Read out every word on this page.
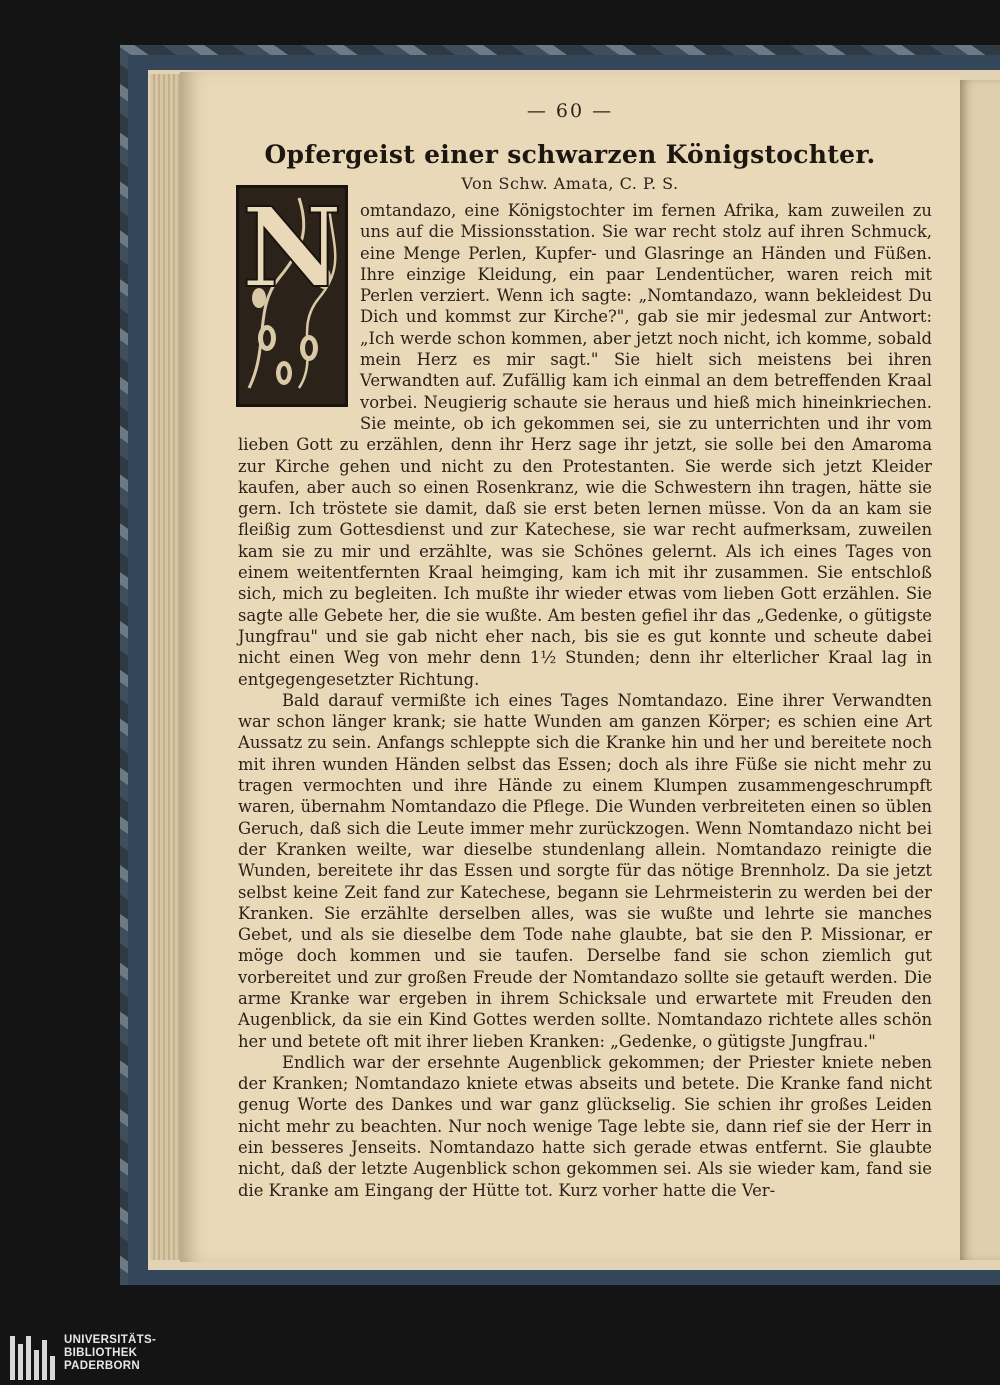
— 60 —
Opfergeist einer schwarzen Königstochter.
Von Schw. Amata, C. P. S.
N	omtandazo, eine Königstochter im fernen Afrika, kam zuweilen zu uns auf die Missionsstation. Sie war recht stolz auf ihren Schmuck, eine Menge Perlen, Kupfer- und Glasringe an Händen und Füßen. Ihre einzige Kleidung, ein paar Lendentücher, waren reich mit Perlen verziert. Wenn ich sagte: „Nomtandazo, wann bekleidest Du Dich und kommst zur Kirche?", gab sie mir jedesmal zur Antwort: „Ich werde schon kommen, aber jetzt noch nicht, ich komme, sobald mein Herz es mir sagt." Sie hielt sich meistens bei ihren Verwandten auf. Zufällig kam ich einmal an dem betreffenden Kraal vorbei. Neugierig schaute sie heraus und hieß mich hineinkriechen. Sie meinte, ob ich gekommen sei, sie zu unterrichten und ihr vom lieben Gott zu erzählen, denn ihr Herz sage ihr jetzt, sie solle bei den Amaroma zur Kirche gehen und nicht zu den Protestanten. Sie werde sich jetzt Kleider kaufen, aber auch so einen Rosenkranz, wie die Schwestern ihn tragen, hätte sie gern. Ich tröstete sie damit, daß sie erst beten lernen müsse. Von da an kam sie fleißig zum Gottesdienst und zur Katechese, sie war recht aufmerksam, zuweilen kam sie zu mir und erzählte, was sie Schönes gelernt. Als ich eines Tages von einem weitentfernten Kraal heimging, kam ich mit ihr zusammen. Sie entschloß sich, mich zu begleiten. Ich mußte ihr wieder etwas vom lieben Gott erzählen. Sie sagte alle Gebete her, die sie wußte. Am besten gefiel ihr das „Gedenke, o gütigste Jungfrau" und sie gab nicht eher nach, bis sie es gut konnte und scheute dabei nicht einen Weg von mehr denn 1½ Stunden; denn ihr elterlicher Kraal lag in entgegengesetzter Richtung.

Bald darauf vermißte ich eines Tages Nomtandazo. Eine ihrer Verwandten war schon länger krank; sie hatte Wunden am ganzen Körper; es schien eine Art Aussatz zu sein. Anfangs schleppte sich die Kranke hin und her und bereitete noch mit ihren wunden Händen selbst das Essen; doch als ihre Füße sie nicht mehr zu tragen vermochten und ihre Hände zu einem Klumpen zusammengeschrumpft waren, übernahm Nomtandazo die Pflege. Die Wunden verbreiteten einen so üblen Geruch, daß sich die Leute immer mehr zurückzogen. Wenn Nomtandazo nicht bei der Kranken weilte, war dieselbe stundenlang allein. Nomtandazo reinigte die Wunden, bereitete ihr das Essen und sorgte für das nötige Brennholz. Da sie jetzt selbst keine Zeit fand zur Katechese, begann sie Lehrmeisterin zu werden bei der Kranken. Sie erzählte derselben alles, was sie wußte und lehrte sie manches Gebet, und als sie dieselbe dem Tode nahe glaubte, bat sie den P. Missionar, er möge doch kommen und sie taufen. Derselbe fand sie schon ziemlich gut vorbereitet und zur großen Freude der Nomtandazo sollte sie getauft werden. Die arme Kranke war ergeben in ihrem Schicksale und erwartete mit Freuden den Augenblick, da sie ein Kind Gottes werden sollte. Nomtandazo richtete alles schön her und betete oft mit ihrer lieben Kranken: „Gedenke, o gütigste Jungfrau."

Endlich war der ersehnte Augenblick gekommen; der Priester kniete neben der Kranken; Nomtandazo kniete etwas abseits und betete. Die Kranke fand nicht genug Worte des Dankes und war ganz glückselig. Sie schien ihr großes Leiden nicht mehr zu beachten. Nur noch wenige Tage lebte sie, dann rief sie der Herr in ein besseres Jenseits. Nomtandazo hatte sich gerade etwas entfernt. Sie glaubte nicht, daß der letzte Augenblick schon gekommen sei. Als sie wieder kam, fand sie die Kranke am Eingang der Hütte tot. Kurz vorher hatte die Ver-

UNIVERSITÄTS-
BIBLIOTHEK
PADERBORN
